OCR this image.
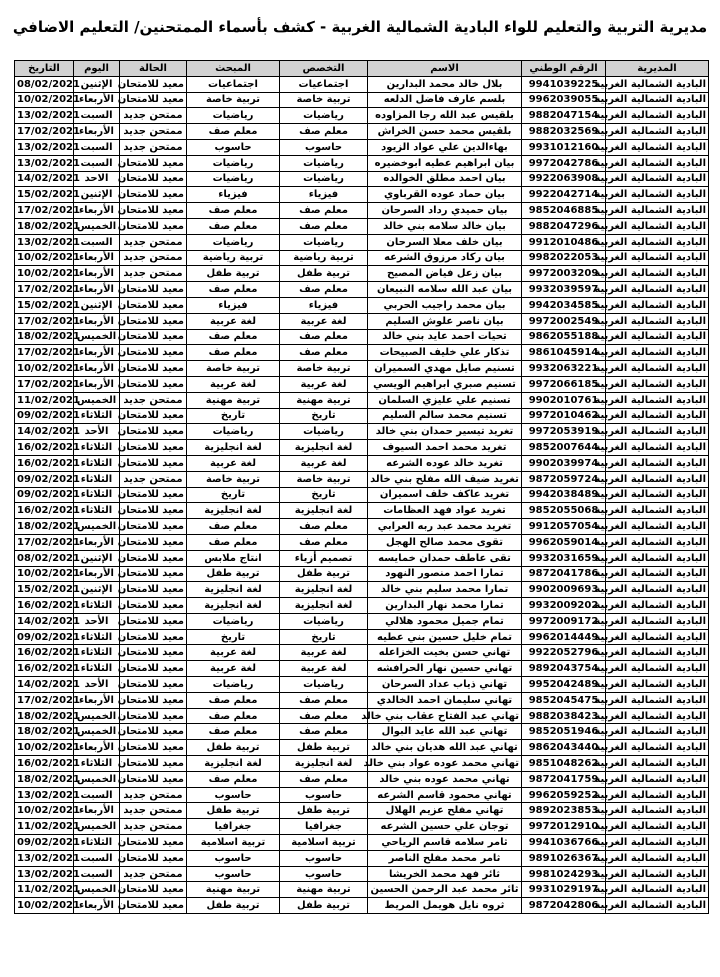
مديرية التربية والتعليم للواء البادية الشمالية الغربية - كشف بأسماء الممتحنين/ التعليم الاضافي
المديرية	الرقم الوطني	الاسم	التخصص	المبحث	الحالة	اليوم	التاريخ
البادية الشمالية الغربية	9941039225	بلال خالد محمد البدارين	اجتماعيات	اجتماعيات	معيد للامتحان	الإثنين	08/02/2021
البادية الشمالية الغربية	9962039055	بلسم عارف فاضل الدلعه	تربية خاصة	تربية خاصة	معيد للامتحان	الأربعاء	10/02/2021
البادية الشمالية الغربية	9882047154	بلقيس عبد الله رجا المزاوده	رياضيات	رياضيات	ممتحن جديد	السبت	13/02/2021
البادية الشمالية الغربية	9882032569	بلقيس محمد حسن الخراش	معلم صف	معلم صف	ممتحن جديد	الأربعاء	17/02/2021
البادية الشمالية الغربية	9931012160	بهاءالدين علي عواد الزيود	حاسوب	حاسوب	ممتحن جديد	السبت	13/02/2021
البادية الشمالية الغربية	9972042786	بيان ابراهيم عطيه ابوخضيره	رياضيات	رياضيات	معيد للامتحان	السبت	13/02/2021
البادية الشمالية الغربية	9922063908	بيان احمد مطلق الخوالده	رياضيات	رياضيات	معيد للامتحان	الاحد	14/02/2021
البادية الشمالية الغربية	9922042714	بيان حماد عوده القرباوي	فيزياء	فيزياء	معيد للامتحان	الإثنين	15/02/2021
البادية الشمالية الغربية	9852046885	بيان حميدي رداد السرحان	معلم صف	معلم صف	معيد للامتحان	الأربعاء	17/02/2021
البادية الشمالية الغربية	9882047296	بيان خالد سلامه بني خالد	معلم صف	معلم صف	معيد للامتحان	الخميس	18/02/2021
البادية الشمالية الغربية	9912010486	بيان خلف معلا السرحان	رياضيات	رياضيات	ممتحن جديد	السبت	13/02/2021
البادية الشمالية الغربية	9982022053	بيان ركاد مرزوق الشرعه	تربية رياضية	تربية رياضية	ممتحن جديد	الأربعاء	10/02/2021
البادية الشمالية الغربية	9972003209	بيان زعل فياض المصيح	تربية طفل	تربية طفل	ممتحن جديد	الأربعاء	10/02/2021
البادية الشمالية الغربية	9932039597	بيان عبد الله سلامه النبيعان	معلم صف	معلم صف	معيد للامتحان	الأربعاء	17/02/2021
البادية الشمالية الغربية	9942034585	بيان محمد راجيب الحربي	فيزياء	فيزياء	معيد للامتحان	الإثنين	15/02/2021
البادية الشمالية الغربية	9972002549	بيان ناصر علوش السليم	لغة عربية	لغة عربية	معيد للامتحان	الأربعاء	17/02/2021
البادية الشمالية الغربية	9862055188	تحيات احمد عايد بني خالد	معلم صف	معلم صف	معيد للامتحان	الخميس	18/02/2021
البادية الشمالية الغربية	9861045914	تذكار علي خليف الصبيحات	معلم صف	معلم صف	معيد للامتحان	الأربعاء	17/02/2021
البادية الشمالية الغربية	9932063221	تسنيم صايل مهدي السميران	تربية خاصة	تربية خاصة	معيد للامتحان	الأربعاء	10/02/2021
البادية الشمالية الغربية	9972066185	تسنيم صبري ابراهيم الويسي	لغة عربية	لغة عربية	معيد للامتحان	الأربعاء	17/02/2021
البادية الشمالية الغربية	9902010761	تسنيم علي عليزي السلمان	تربية مهنية	تربية مهنية	ممتحن جديد	الخميس	11/02/2021
البادية الشمالية الغربية	9972010462	تسنيم محمد سالم السليم	تاريخ	تاريخ	معيد للامتحان	الثلاثاء	09/02/2021
البادية الشمالية الغربية	9972053919	تغريد تيسير حمدان بني خالد	رياضيات	رياضيات	معيد للامتحان	الأحد	14/02/2021
البادية الشمالية الغربية	9852007644	تغريد محمد احمد السيوف	لغة انجليزية	لغة انجليزية	معيد للامتحان	الثلاثاء	16/02/2021
البادية الشمالية الغربية	9902039974	تغريد خالد عوده الشرعه	لغة عربية	لغة عربية	معيد للامتحان	الثلاثاء	16/02/2021
البادية الشمالية الغربية	9872059724	تغريد ضيف الله مفلح بني خالد	تربية خاصة	تربية خاصة	ممتحن جديد	الثلاثاء	09/02/2021
البادية الشمالية الغربية	9942038489	تغريد عاكف خلف اسميران	تاريخ	تاريخ	معيد للامتحان	الثلاثاء	09/02/2021
البادية الشمالية الغربية	9852055068	تغريد عواد فهد العظامات	لغة انجليزية	لغة انجليزية	معيد للامتحان	الثلاثاء	16/02/2021
البادية الشمالية الغربية	9912057054	تغريد محمد عبد ربه العرابي	معلم صف	معلم صف	معيد للامتحان	الخميس	18/02/2021
البادية الشمالية الغربية	9962059014	تقوى محمد صالح الهجل	معلم صف	معلم صف	معيد للامتحان	الأربعاء	17/02/2021
البادية الشمالية الغربية	9932031659	تقى عاطف حمدان خمايسه	تصميم أزياء	انتاج ملابس	معيد للامتحان	الإثنين	08/02/2021
البادية الشمالية الغربية	9872041786	تمارا احمد منصور النهود	تربية طفل	تربية طفل	معيد للامتحان	الأربعاء	10/02/2021
البادية الشمالية الغربية	9902009693	تمارا محمد سليم بني خالد	لغة انجليزية	لغة انجليزية	معيد للامتحان	الإثنين	15/02/2021
البادية الشمالية الغربية	9932009202	تمارا محمد نهار البدارين	لغة انجليزية	لغة انجليزية	معيد للامتحان	الثلاثاء	16/02/2021
البادية الشمالية الغربية	9972009172	تمام جميل محمود هلالي	رياضيات	رياضيات	معيد للامتحان	الأحد	14/02/2021
البادية الشمالية الغربية	9962014449	تمام خليل حسين بني عطيه	تاريخ	تاريخ	معيد للامتحان	الثلاثاء	09/02/2021
البادية الشمالية الغربية	9922052796	تهاني حسن بخيت الخزاعله	لغة عربية	لغة عربية	معيد للامتحان	الثلاثاء	16/02/2021
البادية الشمالية الغربية	9892043754	تهاني حسين نهار الحرافشه	لغة عربية	لغة عربية	معيد للامتحان	الثلاثاء	16/02/2021
البادية الشمالية الغربية	9952042489	تهاني ذياب عداد السرحان	رياضيات	رياضيات	معيد للامتحان	الأحد	14/02/2021
البادية الشمالية الغربية	9852045475	تهاني سليمان احمد الخالدي	معلم صف	معلم صف	معيد للامتحان	الأربعاء	17/02/2021
البادية الشمالية الغربية	9882038423	تهاني عبد الفتاح عقاب بني خالد	معلم صف	معلم صف	معيد للامتحان	الخميس	18/02/2021
البادية الشمالية الغربية	9852051946	تهاني عبد الله عايد البوال	معلم صف	معلم صف	معيد للامتحان	الخميس	18/02/2021
البادية الشمالية الغربية	9862043440	تهاني عبد الله هديان بني خالد	تربية طفل	تربية طفل	معيد للامتحان	الأربعاء	10/02/2021
البادية الشمالية الغربية	9851048262	تهاني محمد عوده عواد بني خالد	لغة انجليزية	لغة انجليزية	معيد للامتحان	الثلاثاء	16/02/2021
البادية الشمالية الغربية	9872041759	تهاني محمد عوده بني خالد	معلم صف	معلم صف	معيد للامتحان	الخميس	18/02/2021
البادية الشمالية الغربية	9962059252	تهاني محمود قاسم الشرعه	حاسوب	حاسوب	ممتحن جديد	السبت	13/02/2021
البادية الشمالية الغربية	9892023853	تهاني مفلح عزيم الهلال	تربية طفل	تربية طفل	ممتحن جديد	الأربعاء	10/02/2021
البادية الشمالية الغربية	9972012910	توجان علي حسين الشرعه	جغرافيا	جغرافيا	ممتحن جديد	الخميس	11/02/2021
البادية الشمالية الغربية	9941036766	ثامر سلامه قاسم الرياحي	تربية اسلامية	تربية اسلامية	معيد للامتحان	الثلاثاء	09/02/2021
البادية الشمالية الغربية	9891026367	ثامر محمد مفلح الناصر	حاسوب	حاسوب	معيد للامتحان	السبت	13/02/2021
البادية الشمالية الغربية	9981024293	ثائر فهد محمد الخريشا	حاسوب	حاسوب	ممتحن جديد	السبت	13/02/2021
البادية الشمالية الغربية	9931029197	ثائر محمد عبد الرحمن الحسين	تربية مهنية	تربية مهنية	معيد للامتحان	الخميس	11/02/2021
البادية الشمالية الغربية	9872042806	ثروه نايل هويمل المريط	تربية طفل	تربية طفل	معيد للامتحان	الأربعاء	10/02/2021
